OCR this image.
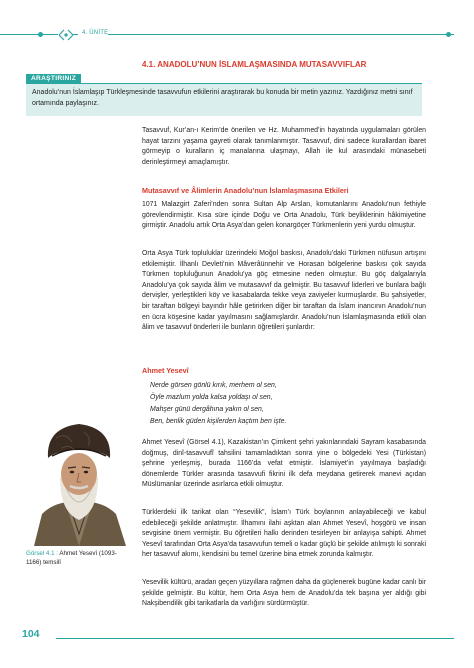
4. ÜNİTE
4.1. ANADOLU’NUN İSLAMLAŞMASINDA MUTASAVVIFLAR
ARAŞTIRINIZ
Anadolu’nun İslamlaşıp Türkleşmesinde tasavvufun etkilerini araştırarak bu konuda bir metin yazınız. Yazdığınız metni sınıf ortamında paylaşınız.

Tasavvuf, Kur’an-ı Kerim’de önerilen ve Hz. Muhammed’in hayatında uygulamaları görülen hayat tarzını yaşama gayreti olarak tanımlanmıştır. Tasavvuf, dini sadece kurallardan ibaret görmeyip o kuralların iç manalarına ulaşmayı, Allah ile kul arasındaki münasebeti derinleştirmeyi amaçlamıştır.

Mutasavvıf ve Âlimlerin Anadolu’nun İslamlaşmasına Etkileri

1071 Malazgirt Zaferi’nden sonra Sultan Alp Arslan, komutanlarını Anadolu’nun fethiyle görevlendirmiştir. Kısa süre içinde Doğu ve Orta Anadolu, Türk beyliklerinin hâkimiyetine girmiştir. Anadolu artık Orta Asya’dan gelen konargöçer Türkmenlerin yeni yurdu olmuştur.

Orta Asya Türk topluluklar üzerindeki Moğol baskısı, Anadolu’daki Türkmen nüfusun artışını etkilemiştir. İlhanlı Devleti’nin Mâverâünnehir ve Horasan bölgelerine baskısı çok sayıda Türkmen topluluğunun Anadolu’ya göç etmesine neden olmuştur. Bu göç dalgalarıyla Anadolu’ya çok sayıda âlim ve mutasavvıf da gelmiştir. Bu tasavvuf liderleri ve bunlara bağlı dervişler, yerleştikleri köy ve kasabalarda tekke veya zaviyeler kurmuşlardır. Bu şahsiyetler, bir taraftan bölgeyi bayındır hâle getirirken diğer bir taraftan da İslam inancının Anadolu’nun en ücra köşesine kadar yayılmasını sağlamışlardır. Anadolu’nun İslamlaşmasında etkili olan âlim ve tasavvuf önderleri ile bunların öğretileri şunlardır:

Ahmet Yesevî
Nerde görsen gönlü kırık, merhem ol sen,
Öyle mazlum yolda kalsa yoldaşı ol sen,
Mahşer günü dergâhına yakın ol sen,
Ben, benlik güden kişilerden kaçtım ben işte.

Ahmet Yesevî (Görsel 4.1), Kazakistan’ın Çimkent şehri yakınlarındaki Sayram kasabasında doğmuş, dinî-tasavvufî tahsilini tamamladıktan sonra yine o bölgedeki Yesi (Türkistan) şehrine yerleşmiş, burada 1166’da vefat etmiştir. İslamiyet’in yayılmaya başladığı dönemlerde Türkler arasında tasavvufi fikrini ilk defa meydana getirerek manevi açıdan Müslümanlar üzerinde asırlarca etkili olmuştur.

Türklerdeki ilk tarikat olan “Yesevilik”, İslam’ı Türk boylarının anlayabileceği ve kabul edebileceği şekilde anlatmıştır. İlhamını ilahi aşktan alan Ahmet Yesevî, hoşgörü ve insan sevgisine önem vermiştir. Bu öğretileri halkı derinden tesirleyen bir anlayışa sahipti. Ahmet Yesevî tarafından Orta Asya’da tasavvufun temeli o kadar güçlü bir şekilde atılmıştı ki sonraki her tasavvuf akımı, kendisini bu temel üzerine bina etmek zorunda kalmıştır.

Yesevilik kültürü, aradan geçen yüzyıllara rağmen daha da güçlenerek bugüne kadar canlı bir şekilde gelmiştir. Bu kültür, hem Orta Asya hem de Anadolu’da tek başına yer aldığı gibi Nakşibendilik gibi tarikatlarla da varlığını sürdürmüştür.

Görsel 4.1 : Ahmet Yesevî (1093-1166) temsilî
104
